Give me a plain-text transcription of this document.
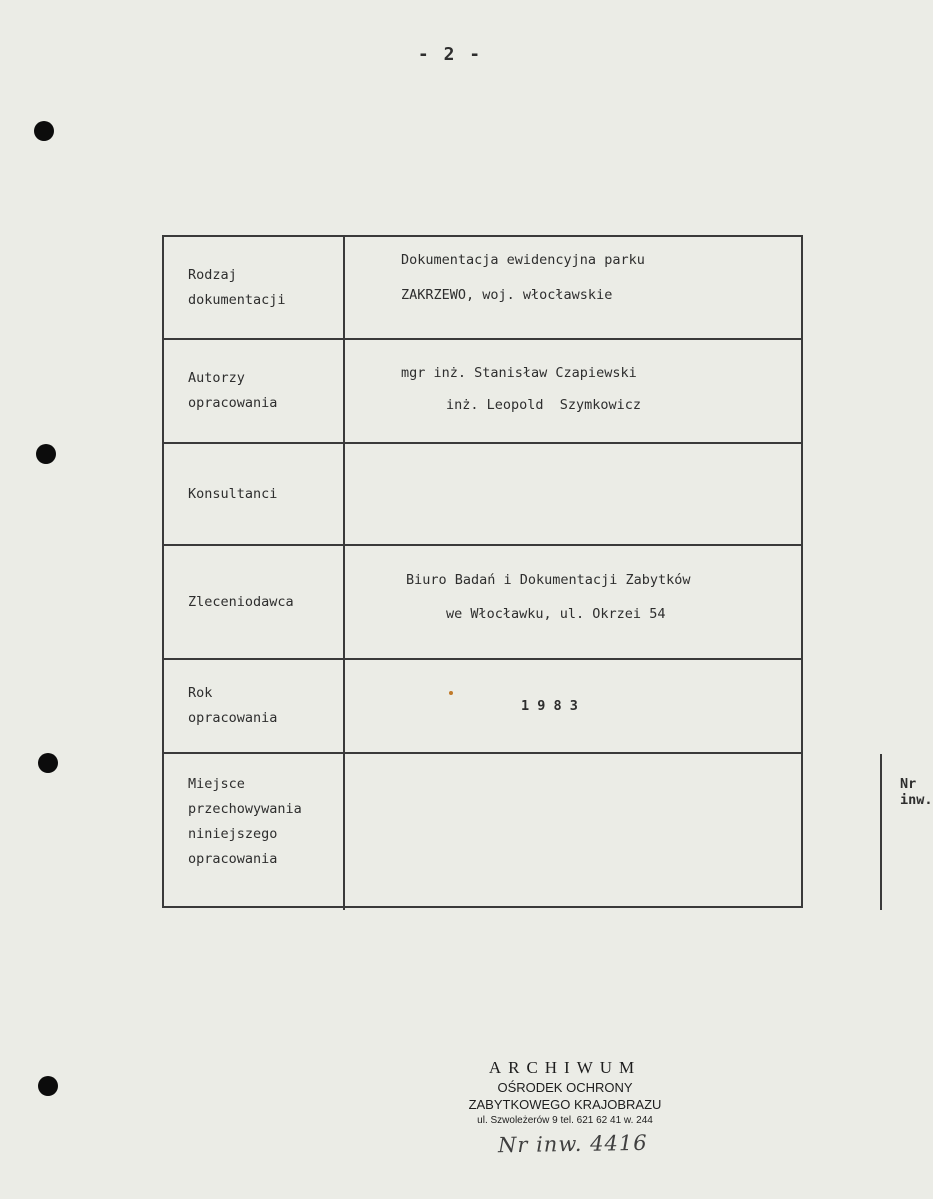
- 2 -
Rodzaj
dokumentacji
Dokumentacja ewidencyjna parku
ZAKRZEWO, woj. włocławskie
Autorzy
opracowania
mgr inż. Stanisław Czapiewski
inż. Leopold  Szymkowicz
Konsultanci
Zleceniodawca
Biuro Badań i Dokumentacji Zabytków
we Włocławku, ul. Okrzei 54
Rok
opracowania
1 9 8 3
Miejsce
przechowywania
niniejszego
opracowania
Nr inw.
ARCHIWUM
OŚRODEK OCHRONY
ZABYTKOWEGO KRAJOBRAZU
ul. Szwoleżerów 9 tel. 621 62 41 w. 244
Nr inw. 4416
